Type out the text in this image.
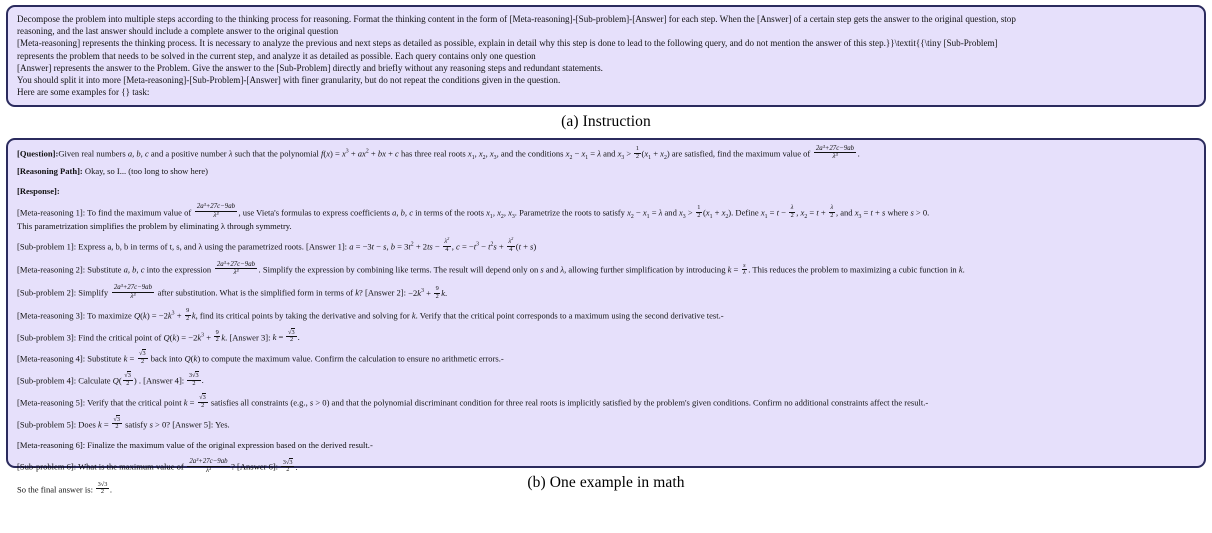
Decompose the problem into multiple steps according to the thinking process for reasoning. Format the thinking content in the form of [Meta-reasoning]-[Sub-problem]-[Answer] for each step. When the [Answer] of a certain step gets the answer to the original question, stop
reasoning, and the last answer should include a complete answer to the original question
[Meta-reasoning] represents the thinking process. It is necessary to analyze the previous and next steps as detailed as possible, explain in detail why this step is done to lead to the following query, and do not mention the answer of this step.}}\textit{{\tiny [Sub-Problem]
represents the problem that needs to be solved in the current step, and analyze it as detailed as possible. Each query contains only one question
[Answer] represents the answer to the Problem. Give the answer to the [Sub-Problem] directly and briefly without any reasoning steps and redundant statements.
You should split it into more [Meta-reasoning]-[Sub-Problem]-[Answer] with finer granularity, but do not repeat the conditions given in the question.
Here are some examples for {} task:
(a) Instruction
[Question]:Given real numbers a, b, c and a positive number λ such that the polynomial $f(x) = x^3 + ax^2$ + bx + c has three real roots $x_1$, $x_2$, $x_3$, and the conditions $x_2 - x_1 = \lambda$ and $x_3 > \frac{1}{2} (x_1 + x_2)$ are satisfied, find the maximum value of $\frac{\text{2a³+27c−9ab}}{\text{λ³}}$ .
[Reasoning Path]: Okay, so I... (too long to show here)
[Response]:
[Meta-reasoning 1]: To find the maximum value of $\frac{\text{2a³+27c−9ab}}{\text{λ³}}$ , use Vieta's formulas to express coefficients a, b, c in terms of the roots $x_1$, $x_2$, $x_3$. Parametrize the roots to satisfy $x_2 - x_1 = \lambda$ and $x_3 > \frac{1}{2} (x_1 + x_2)$. Define $x_1 = t - \frac{\lambda}{2}$ , $x_2 = t + \frac{\lambda}{2}$ , and $x_3 = t + s$ where s > 0.
This parametrization simplifies the problem by eliminating λ through symmetry.
[Sub-problem 1]: Express a, b, b in terms of t, s, and λ using the parametrized roots. [Answer 1]: a = −3t − s, $b = 3t^2 + 2ts - \frac{\lambda^2}{4}$ , $c = -t^3 - t^2s + \frac{\lambda^2}{4} (t + s)$
[Meta-reasoning 2]: Substitute a, b, c into the expression $\frac{\text{2a³+27c−9ab}}{\text{λ³}}$ . Simplify the expression by combining like terms. The result will depend only on s and λ, allowing further simplification by introducing $k = \frac{s}{\lambda}$ . This reduces the problem to maximizing a cubic function in k.
[Sub-problem 2]: Simplify $\frac{\text{2a³+27c−9ab}}{\text{λ³}}$ after substitution. What is the simplified form in terms of k? [Answer 2]: $-2k^3 + \frac{9}{2} k$.
[Meta-reasoning 3]: To maximize $Q(k) = -2k^3 + \frac{9}{2} k$, find its critical points by taking the derivative and solving for k. Verify that the critical point corresponds to a maximum using the second derivative test.-
[Sub-problem 3]: Find the critical point of $Q(k) = -2k^3 + \frac{9}{2} k$. [Answer 3]: $k = \frac{√3}{2}$ .
[Meta-reasoning 4]: Substitute $k = \frac{√3}{2}$ back into Q(k) to compute the maximum value. Confirm the calculation to ensure no arithmetic errors.-
[Sub-problem 4]: Calculate $Q( \frac{√3}{2}$ ) . [Answer 4]: $\frac{3√3}{2}$ .
[Meta-reasoning 5]: Verify that the critical point $k = \frac{√3}{2}$ satisfies all constraints (e.g., s > 0) and that the polynomial discriminant condition for three real roots is implicitly satisfied by the problem's given conditions. Confirm no additional constraints affect the result.-
[Sub-problem 5]: Does $k = \frac{√3}{2}$ satisfy s > 0? [Answer 5]: Yes.
[Meta-reasoning 6]: Finalize the maximum value of the original expression based on the derived result.-
[Sub-problem 6]: What is the maximum value of $\frac{\text{2a³+27c−9ab}}{\text{λ³}}$ ? [Answer 6]: $\frac{3√3}{2}$ .
So the final answer is: $\frac{3√3}{2}$ .	(b) One example in math
